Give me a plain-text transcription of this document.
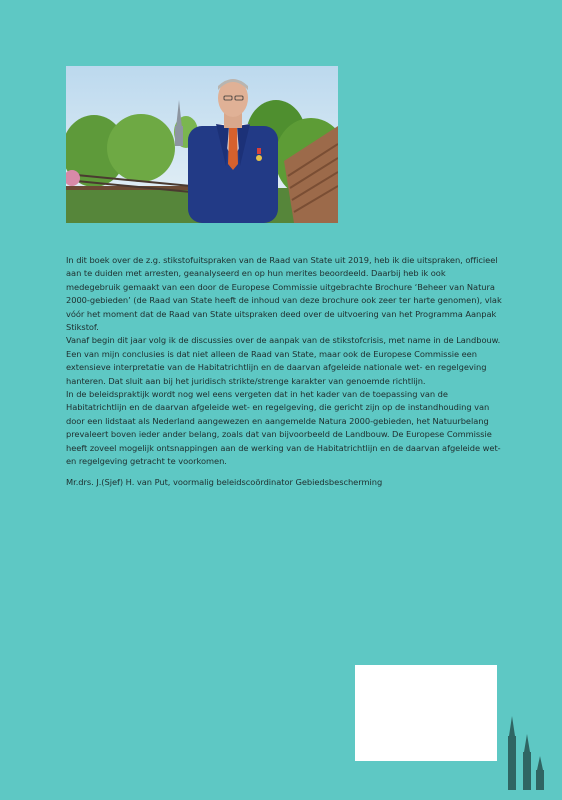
In dit boek over de z.g. stikstofuitspraken van de Raad van State uit 2019, heb ik die uitspraken, officieel aan te duiden met arresten, geanalyseerd en op hun merites beoordeeld. Daarbij heb ik ook medegebruik gemaakt van een door de Europese Commissie uitgebrachte Brochure ‘Beheer van Natura 2000-gebieden’ (de Raad van State heeft de inhoud van deze brochure ook zeer ter harte genomen), vlak vóór het moment dat de Raad van State uitspraken deed over de uitvoering van het Programma Aanpak Stikstof.

Vanaf begin dit jaar volg ik de discussies over de aanpak van de stikstofcrisis, met name in de Landbouw.

Een van mijn conclusies is dat niet alleen de Raad van State, maar ook de Europese Commissie een extensieve interpretatie van de Habitatrichtlijn en de daarvan afgeleide nationale wet- en regelgeving hanteren. Dat sluit aan bij het juridisch strikte/strenge karakter van genoemde richtlijn.

In de beleidspraktijk wordt nog wel eens vergeten dat in het kader van de toepassing van de Habitatrichtlijn en de daarvan afgeleide wet- en regelgeving, die gericht zijn op de instandhouding van door een lidstaat als Nederland aangewezen en aangemelde Natura 2000-gebieden, het Natuurbelang prevaleert boven ieder ander belang, zoals dat van bijvoorbeeld de Landbouw. De Europese Commissie heeft zoveel mogelijk ontsnappingen aan de werking van de Habitatrichtlijn en de daarvan afgeleide wet- en regelgeving getracht te voorkomen.

Mr.drs. J.(Sjef) H. van Put, voormalig beleidscoördinator Gebiedsbescherming
